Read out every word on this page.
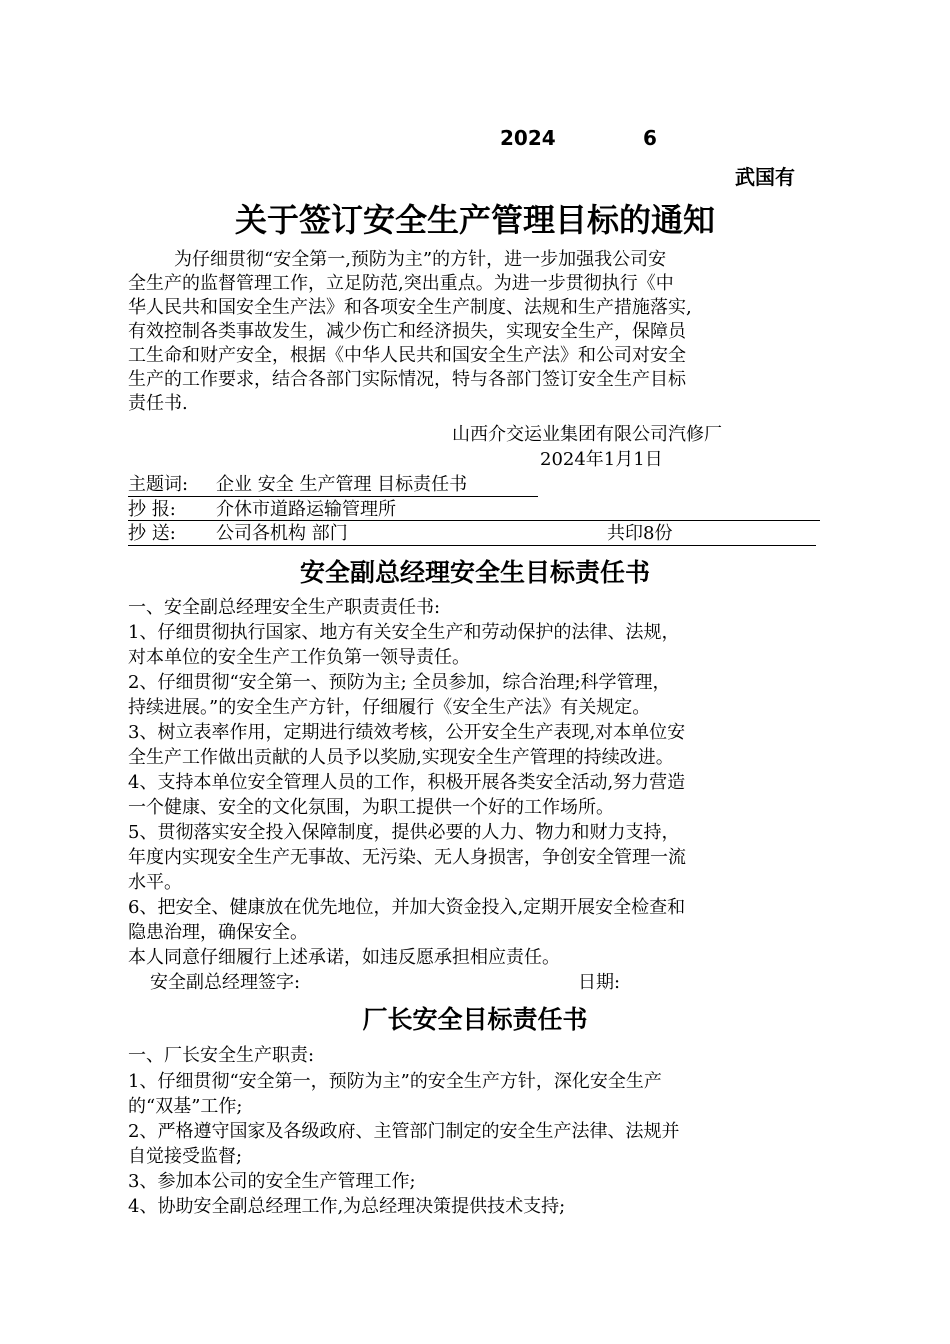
2024	6
武国有
关于签订安全生产管理目标的通知
为仔细贯彻“安全第一,预防为主”的方针，进一步加强我公司安
全生产的监督管理工作，立足防范,突出重点。为进一步贯彻执行《中
华人民共和国安全生产法》和各项安全生产制度、法规和生产措施落实,
有效控制各类事故发生，减少伤亡和经济损失，实现安全生产，保障员
工生命和财产安全，根据《中华人民共和国安全生产法》和公司对安全
生产的工作要求，结合各部门实际情况，特与各部门签订安全生产目标
责任书.
山西介交运业集团有限公司汽修厂
2024年1月1日
主题词: 企业 安全 生产管理 目标责任书
抄 报: 介休市道路运输管理所
抄 送: 公司各机构 部门	共印8份
安全副总经理安全生目标责任书
一、安全副总经理安全生产职责责任书:
1、仔细贯彻执行国家、地方有关安全生产和劳动保护的法律、法规，
对本单位的安全生产工作负第一领导责任。
2、仔细贯彻“安全第一、预防为主; 全员参加，综合治理;科学管理，
持续进展。”的安全生产方针，仔细履行《安全生产法》有关规定。
3、树立表率作用，定期进行绩效考核，公开安全生产表现,对本单位安
全生产工作做出贡献的人员予以奖励,实现安全生产管理的持续改进。
4、支持本单位安全管理人员的工作，积极开展各类安全活动,努力营造
一个健康、安全的文化氛围，为职工提供一个好的工作场所。
5、贯彻落实安全投入保障制度，提供必要的人力、物力和财力支持，
年度内实现安全生产无事故、无污染、无人身损害，争创安全管理一流
水平。
6、把安全、健康放在优先地位，并加大资金投入,定期开展安全检查和
隐患治理，确保安全。
本人同意仔细履行上述承诺，如违反愿承担相应责任。
安全副总经理签字:	日期:
厂长安全目标责任书
一、厂长安全生产职责:
1、仔细贯彻“安全第一，预防为主”的安全生产方针，深化安全生产
的“双基”工作;
2、严格遵守国家及各级政府、主管部门制定的安全生产法律、法规并
自觉接受监督;
3、参加本公司的安全生产管理工作;
4、协助安全副总经理工作,为总经理决策提供技术支持;
